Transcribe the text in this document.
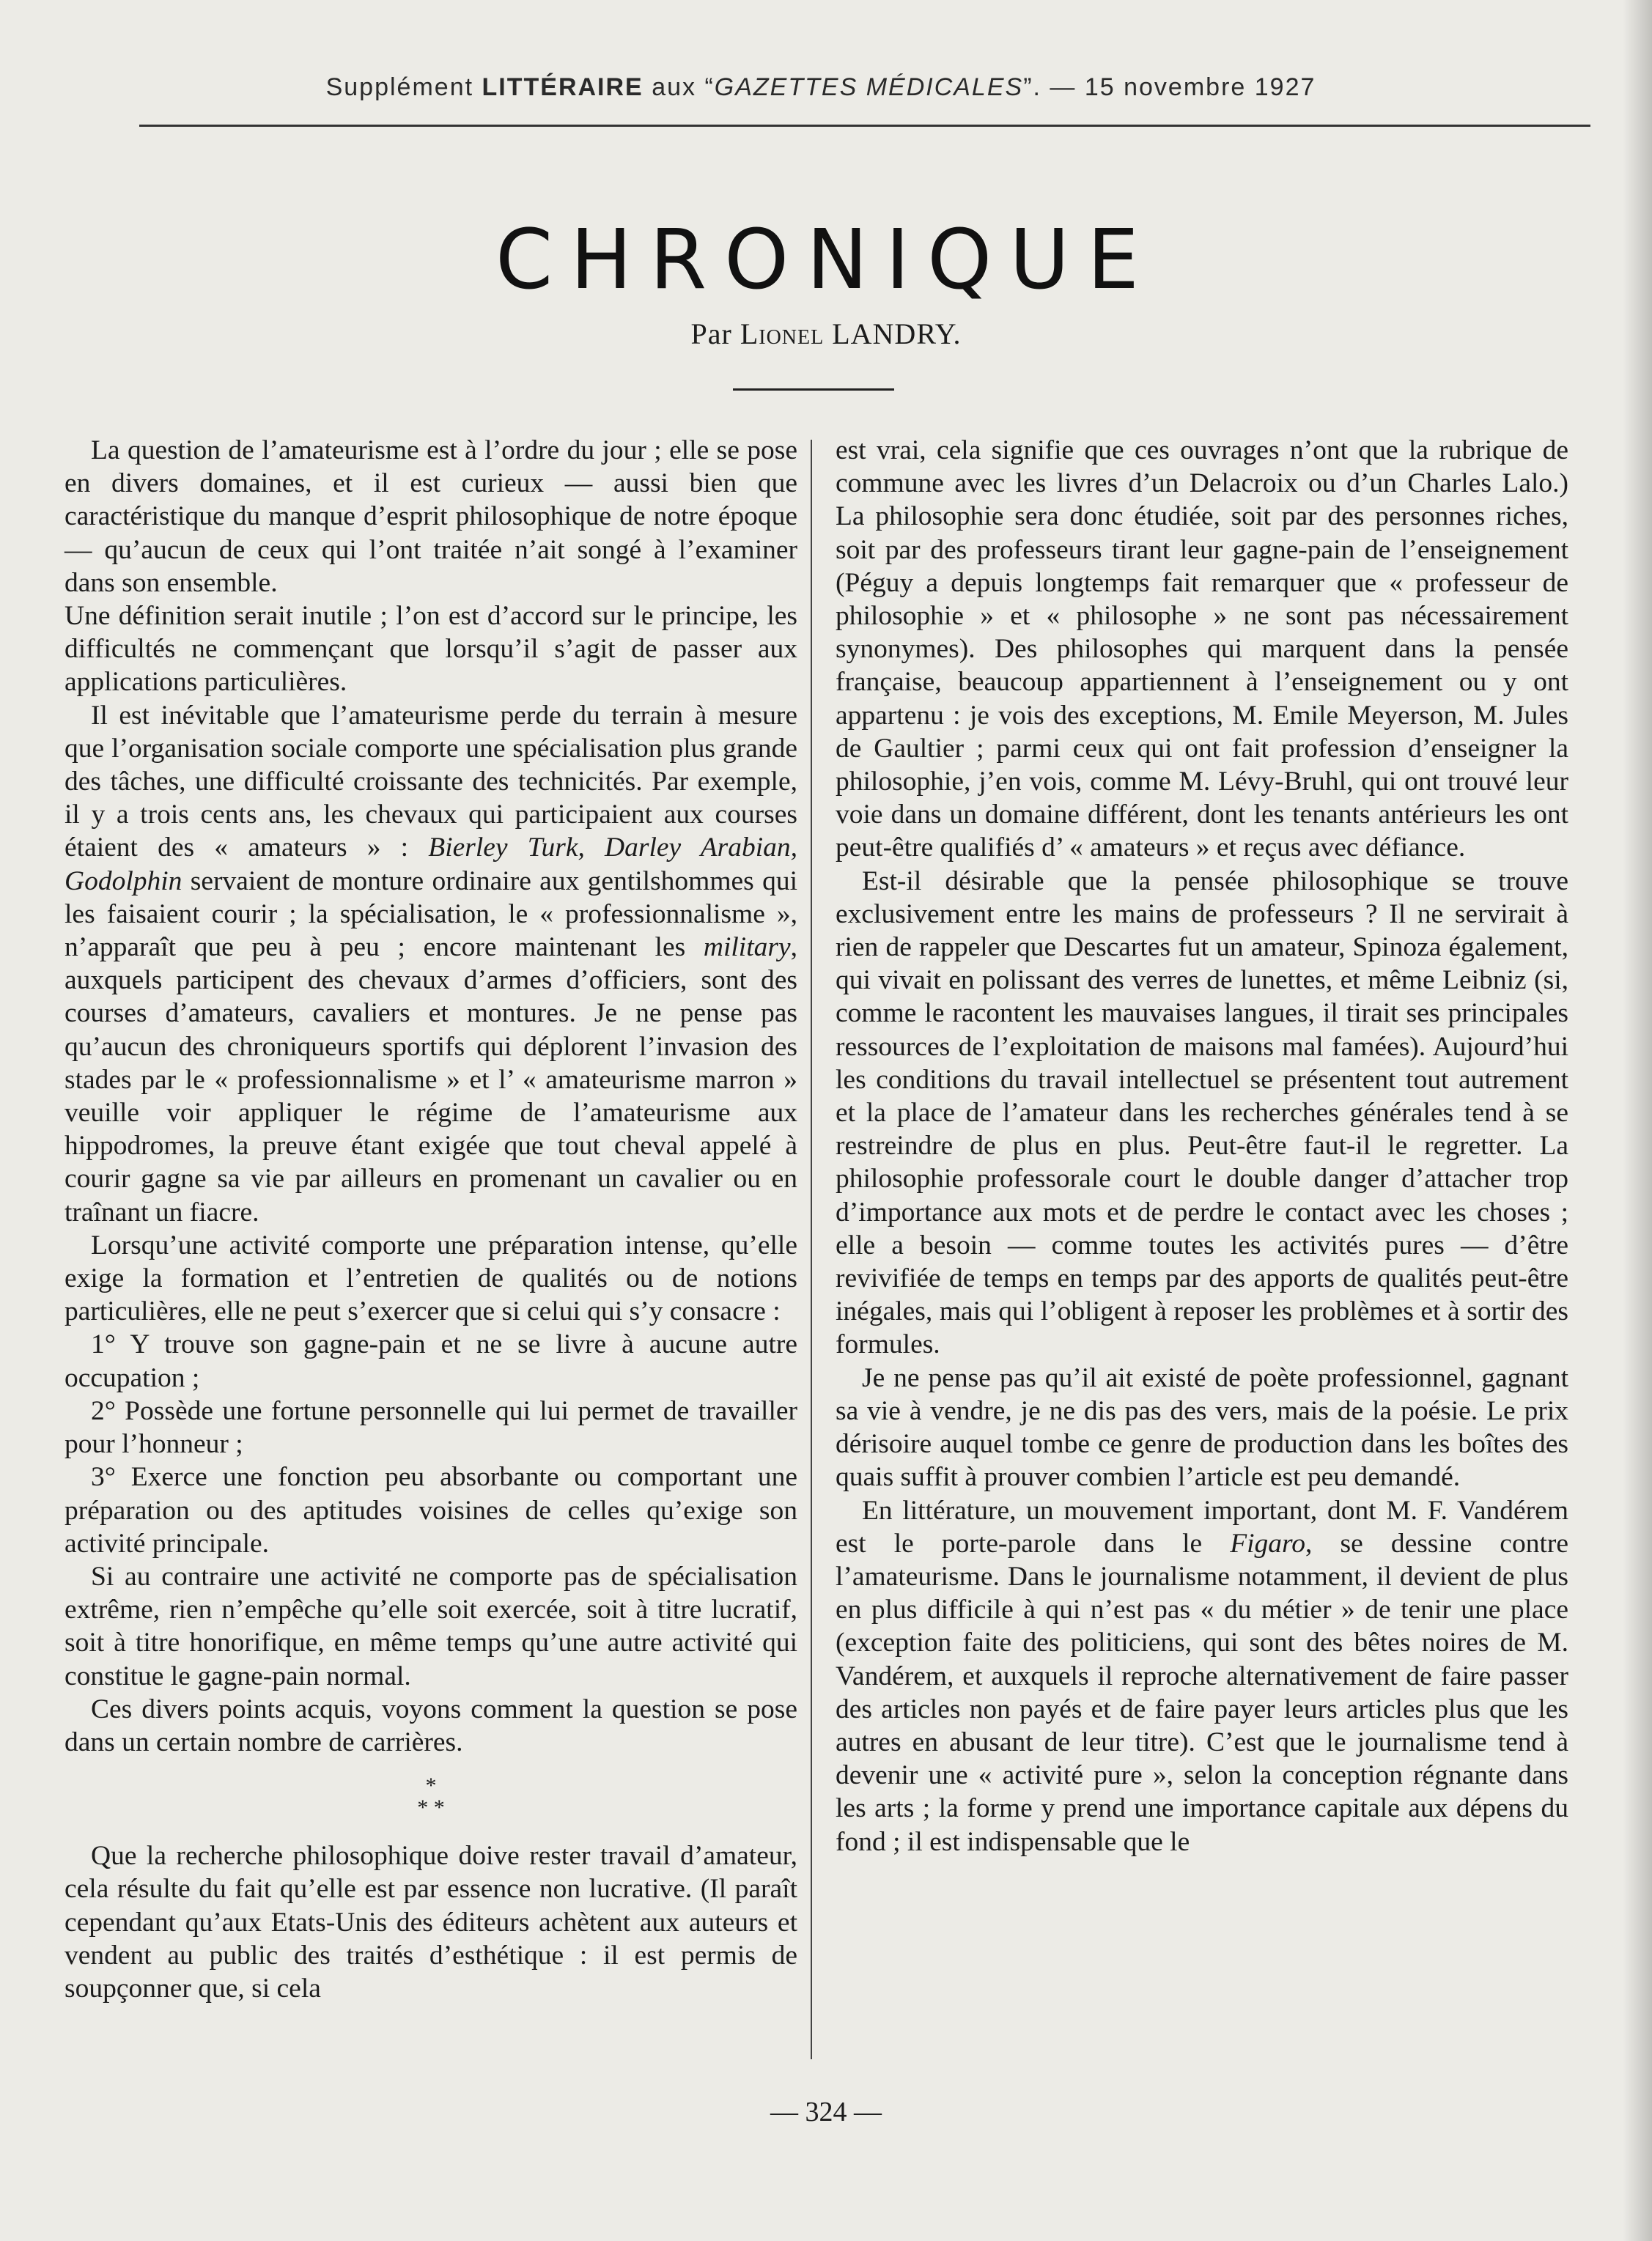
Supplément LITTÉRAIRE aux “GAZETTES MÉDICALES”. — 15 novembre 1927
CHRONIQUE
Par Lionel LANDRY.

La question de l’amateurisme est à l’ordre du jour ; elle se pose en divers domaines, et il est curieux — aussi bien que caractéristique du manque d’esprit philosophique de notre époque — qu’aucun de ceux qui l’ont traitée n’ait songé à l’examiner dans son ensemble.

Une définition serait inutile ; l’on est d’accord sur le principe, les difficultés ne commençant que lorsqu’il s’agit de passer aux applications particulières.

Il est inévitable que l’amateurisme perde du terrain à mesure que l’organisation sociale comporte une spécialisation plus grande des tâches, une difficulté croissante des technicités. Par exemple, il y a trois cents ans, les chevaux qui participaient aux courses étaient des « amateurs » : Bierley Turk, Darley Arabian, Godolphin servaient de monture ordinaire aux gentilshommes qui les faisaient courir ; la spécialisation, le « professionnalisme », n’apparaît que peu à peu ; encore maintenant les military, auxquels participent des chevaux d’armes d’officiers, sont des courses d’amateurs, cavaliers et montures. Je ne pense pas qu’aucun des chroniqueurs sportifs qui déplorent l’invasion des stades par le « professionnalisme » et l’ « amateurisme marron » veuille voir appliquer le régime de l’amateurisme aux hippodromes, la preuve étant exigée que tout cheval appelé à courir gagne sa vie par ailleurs en promenant un cavalier ou en traînant un fiacre.

Lorsqu’une activité comporte une préparation intense, qu’elle exige la formation et l’entretien de qualités ou de notions particulières, elle ne peut s’exercer que si celui qui s’y consacre :

1° Y trouve son gagne-pain et ne se livre à aucune autre occupation ;

2° Possède une fortune personnelle qui lui permet de travailler pour l’honneur ;

3° Exerce une fonction peu absorbante ou comportant une préparation ou des aptitudes voisines de celles qu’exige son activité principale.

Si au contraire une activité ne comporte pas de spécialisation extrême, rien n’empêche qu’elle soit exercée, soit à titre lucratif, soit à titre honorifique, en même temps qu’une autre activité qui constitue le gagne-pain normal.

Ces divers points acquis, voyons comment la question se pose dans un certain nombre de carrières.

*
* *

Que la recherche philosophique doive rester travail d’amateur, cela résulte du fait qu’elle est par essence non lucrative. (Il paraît cependant qu’aux Etats-Unis des éditeurs achètent aux auteurs et vendent au public des traités d’esthétique : il est permis de soupçonner que, si cela

est vrai, cela signifie que ces ouvrages n’ont que la rubrique de commune avec les livres d’un Delacroix ou d’un Charles Lalo.) La philosophie sera donc étudiée, soit par des personnes riches, soit par des professeurs tirant leur gagne-pain de l’enseignement (Péguy a depuis longtemps fait remarquer que « professeur de philosophie » et « philosophe » ne sont pas nécessairement synonymes). Des philosophes qui marquent dans la pensée française, beaucoup appartiennent à l’enseignement ou y ont appartenu : je vois des exceptions, M. Emile Meyerson, M. Jules de Gaultier ; parmi ceux qui ont fait profession d’enseigner la philosophie, j’en vois, comme M. Lévy-Bruhl, qui ont trouvé leur voie dans un domaine différent, dont les tenants antérieurs les ont peut-être qualifiés d’ « amateurs » et reçus avec défiance.

Est-il désirable que la pensée philosophique se trouve exclusivement entre les mains de professeurs ? Il ne servirait à rien de rappeler que Descartes fut un amateur, Spinoza également, qui vivait en polissant des verres de lunettes, et même Leibniz (si, comme le racontent les mauvaises langues, il tirait ses principales ressources de l’exploitation de maisons mal famées). Aujourd’hui les conditions du travail intellectuel se présentent tout autrement et la place de l’amateur dans les recherches générales tend à se restreindre de plus en plus. Peut-être faut-il le regretter. La philosophie professorale court le double danger d’attacher trop d’importance aux mots et de perdre le contact avec les choses ; elle a besoin — comme toutes les activités pures — d’être revivifiée de temps en temps par des apports de qualités peut-être inégales, mais qui l’obligent à reposer les problèmes et à sortir des formules.

Je ne pense pas qu’il ait existé de poète professionnel, gagnant sa vie à vendre, je ne dis pas des vers, mais de la poésie. Le prix dérisoire auquel tombe ce genre de production dans les boîtes des quais suffit à prouver combien l’article est peu demandé.

En littérature, un mouvement important, dont M. F. Vandérem est le porte-parole dans le Figaro, se dessine contre l’amateurisme. Dans le journalisme notamment, il devient de plus en plus difficile à qui n’est pas « du métier » de tenir une place (exception faite des politiciens, qui sont des bêtes noires de M. Vandérem, et auxquels il reproche alternativement de faire passer des articles non payés et de faire payer leurs articles plus que les autres en abusant de leur titre). C’est que le journalisme tend à devenir une « activité pure », selon la conception régnante dans les arts ; la forme y prend une importance capitale aux dépens du fond ; il est indispensable que le

— 324 —
